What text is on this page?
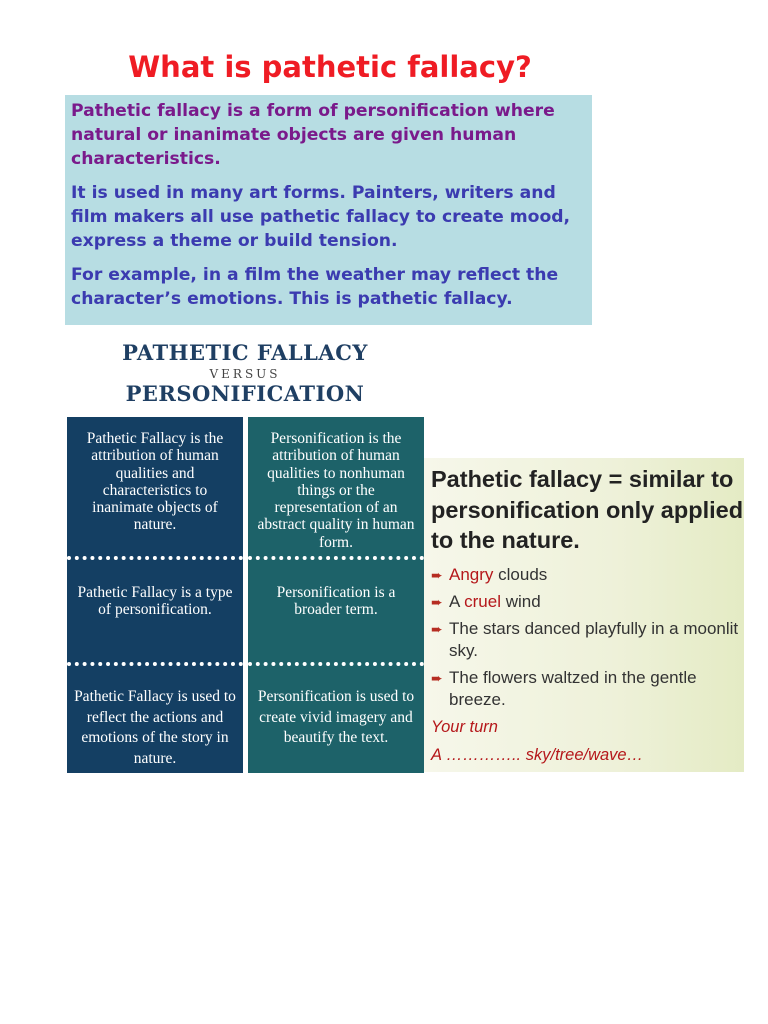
What is pathetic fallacy?

Pathetic fallacy is a form of personification where natural or inanimate objects are given human characteristics.

It is used in many art forms. Painters, writers and film makers all use pathetic fallacy to create mood, express a theme or build tension.

For example, in a film the weather may reflect the character’s emotions. This is pathetic fallacy.

PATHETIC FALLACY
VERSUS
PERSONIFICATION
Pathetic Fallacy is the attribution of human qualities and characteristics to inanimate objects of nature.
Pathetic Fallacy is a type of personification.
Pathetic Fallacy is used to reflect the actions and emotions of the story in nature.
Personification is the attribution of human qualities to nonhuman things or the representation of an abstract quality in human form.
Personification is a broader term.
Personification is used to create vivid imagery and beautify the text.
Pathetic fallacy = similar to personification only applied to the nature.
➨ Angry clouds
➨ A cruel wind
➨ The stars danced playfully in a moonlit sky.
➨ The flowers waltzed in the gentle breeze.
Your turn
A ………….. sky/tree/wave…
